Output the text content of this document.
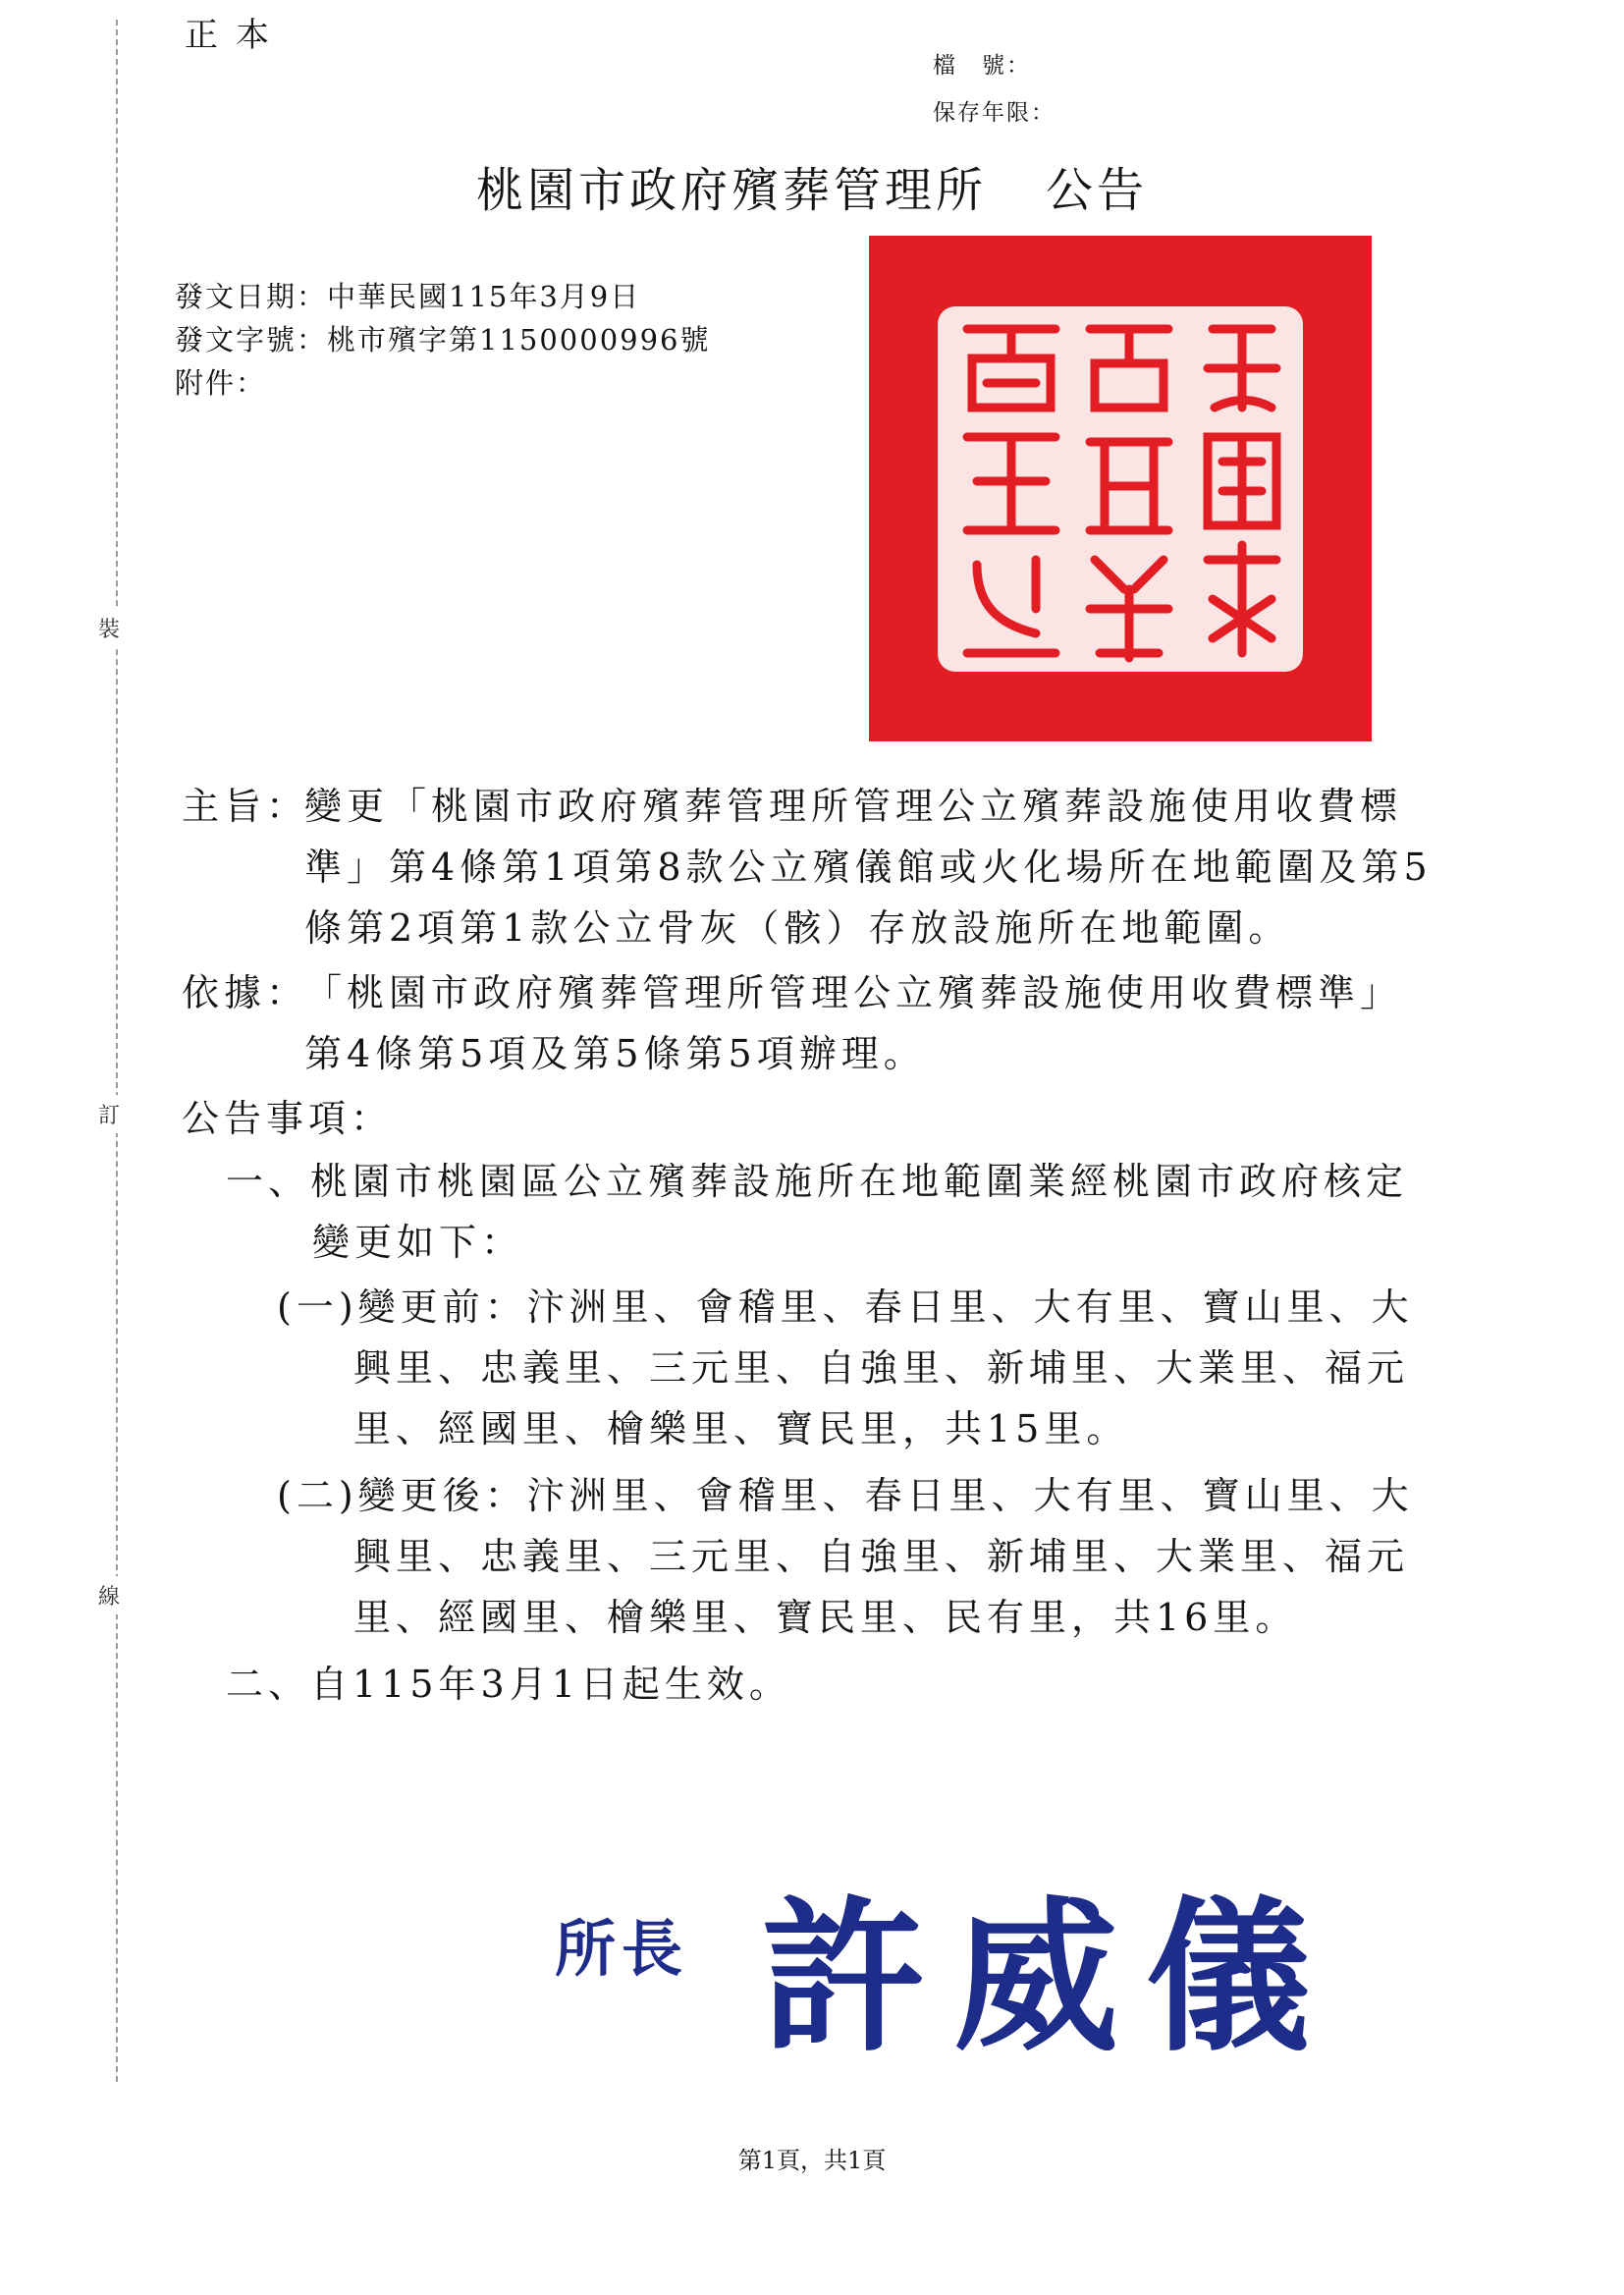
正本
檔　號：
保存年限：
桃園市政府殯葬管理所 公告
發文日期：中華民國115年3月9日
發文字號：桃市殯字第1150000996號
附件：
裝
訂
線
主旨：
變更「桃園市政府殯葬管理所管理公立殯葬設施使用收費標
準」第4條第1項第8款公立殯儀館或火化場所在地範圍及第5
條第2項第1款公立骨灰（骸）存放設施所在地範圍。
依據：
「桃園市政府殯葬管理所管理公立殯葬設施使用收費標準」
第4條第5項及第5條第5項辦理。
公告事項：
一、桃園市桃園區公立殯葬設施所在地範圍業經桃園市政府核定
變更如下：
(一)變更前：汴洲里、會稽里、春日里、大有里、寶山里、大
興里、忠義里、三元里、自強里、新埔里、大業里、福元
里、經國里、檜樂里、寶民里，共15里。
(二)變更後：汴洲里、會稽里、春日里、大有里、寶山里、大
興里、忠義里、三元里、自強里、新埔里、大業里、福元
里、經國里、檜樂里、寶民里、民有里，共16里。
二、自115年3月1日起生效。
所長 許威儀
第1頁，共1頁
